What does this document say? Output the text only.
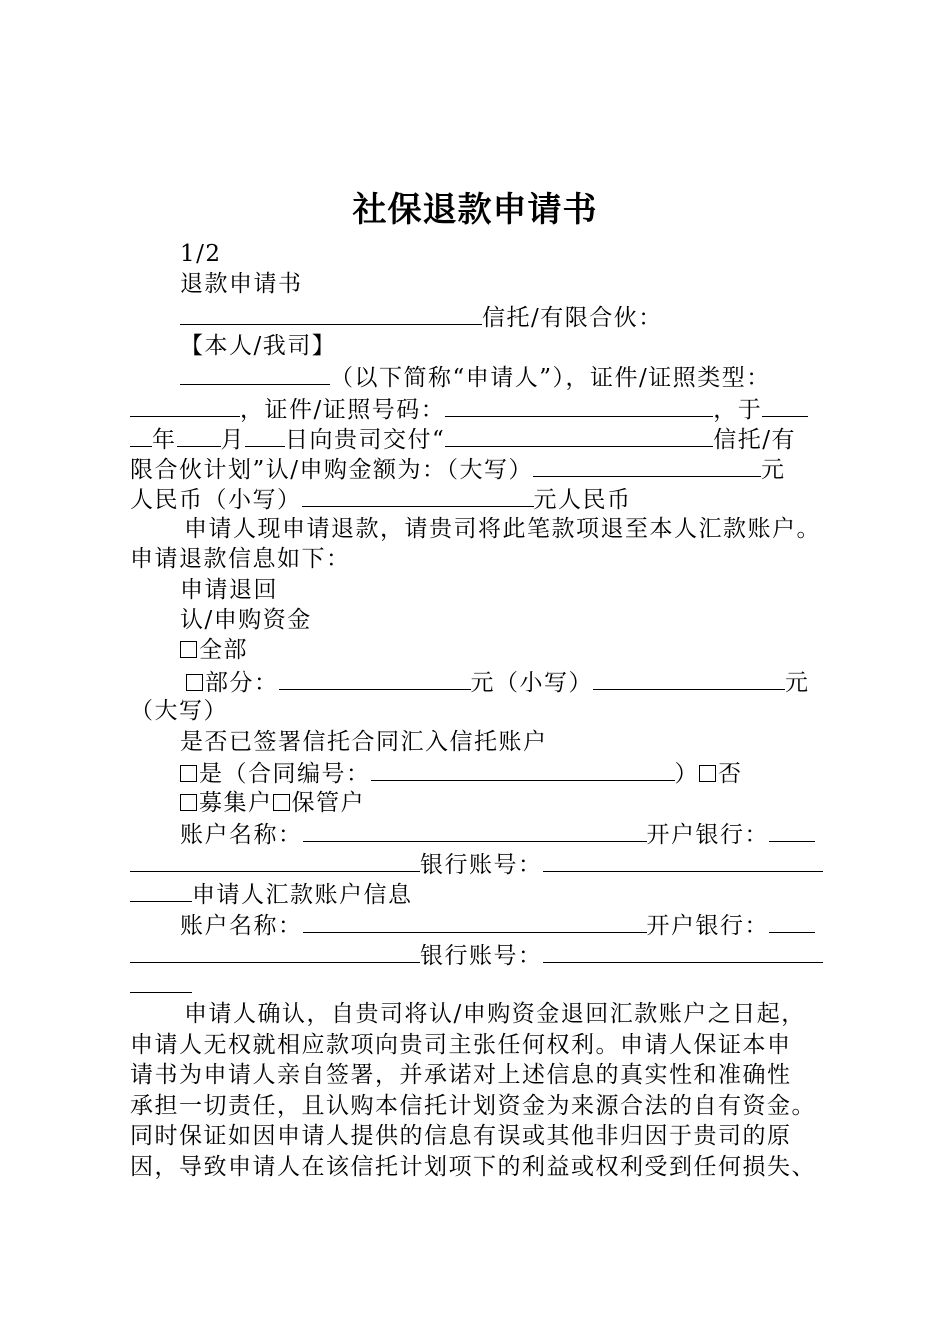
社保退款申请书

1/2

退款申请书

信托/有限合伙：

【本人/我司】

（以下简称“申请人”），证件/证照类型：

，证件/证照号码：	，于

年 月 日向贵司交付“	信托/有

限合伙计划”认/申购金额为：（大写）	元

人民币（小写）	元人民币

申请人现申请退款，请贵司将此笔款项退至本人汇款账户。

申请退款信息如下：

申请退回

认/申购资金

全部

部分：	元（小写）	元

（大写）

是否已签署信托合同汇入信托账户

是（合同编号：	） 否

募集户 保管户

账户名称：	开户银行：

银行账号：

申请人汇款账户信息

账户名称：	开户银行：

银行账号：

申请人确认，自贵司将认/申购资金退回汇款账户之日起，

申请人无权就相应款项向贵司主张任何权利。申请人保证本申

请书为申请人亲自签署，并承诺对上述信息的真实性和准确性

承担一切责任，且认购本信托计划资金为来源合法的自有资金。

同时保证如因申请人提供的信息有误或其他非归因于贵司的原

因，导致申请人在该信托计划项下的利益或权利受到任何损失、
